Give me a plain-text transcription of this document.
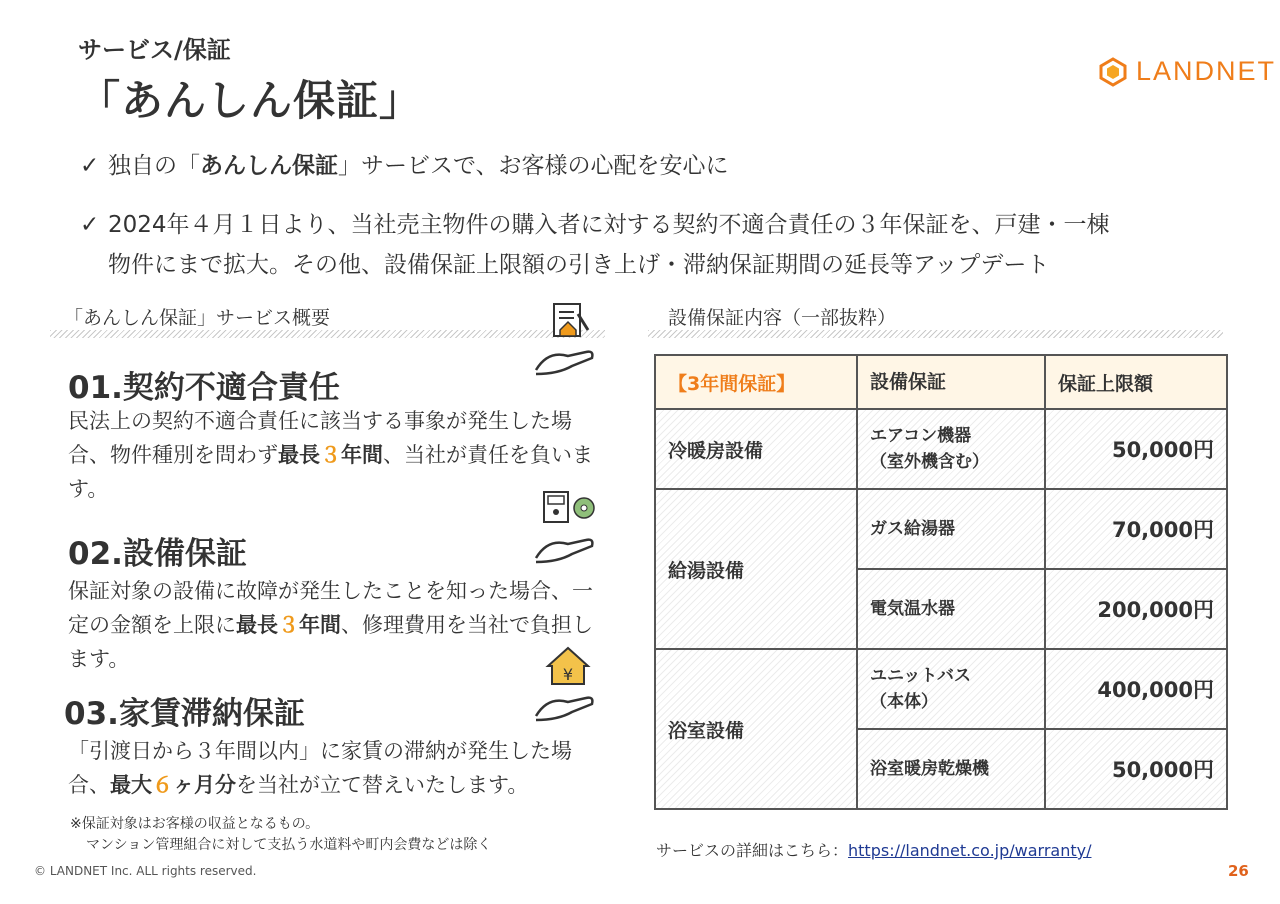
サービス/保証
「あんしん保証」
LANDNET
✓ 独自の「あんしん保証」サービスで、お客様の心配を安心に
✓ 2024年４月１日より、当社売主物件の購入者に対する契約不適合責任の３年保証を、戸建・一棟
物件にまで拡大。その他、設備保証上限額の引き上げ・滞納保証期間の延長等アップデート
「あんしん保証」サービス概要
01.契約不適合責任
民法上の契約不適合責任に該当する事象が発生した場合、物件種別を問わず最長３年間、当社が責任を負います。
02.設備保証
保証対象の設備に故障が発生したことを知った場合、一定の金額を上限に最長３年間、修理費用を当社で負担します。
03.家賃滞納保証
「引渡日から３年間以内」に家賃の滞納が発生した場合、最大６ヶ月分を当社が立て替えいたします。
¥
※保証対象はお客様の収益となるもの。
マンション管理組合に対して支払う水道料や町内会費などは除く
設備保証内容（一部抜粋）
【3年間保証】	設備保証	保証上限額
冷暖房設備	エアコン機器
（室外機含む）	50,000円
給湯設備	ガス給湯器	70,000円

	電気温水器	200,000円
浴室設備	ユニットバス
（本体）	400,000円

	浴室暖房乾燥機	50,000円
サービスの詳細はこちら：https://landnet.co.jp/warranty/
© LANDNET Inc. ALL rights reserved.	26
